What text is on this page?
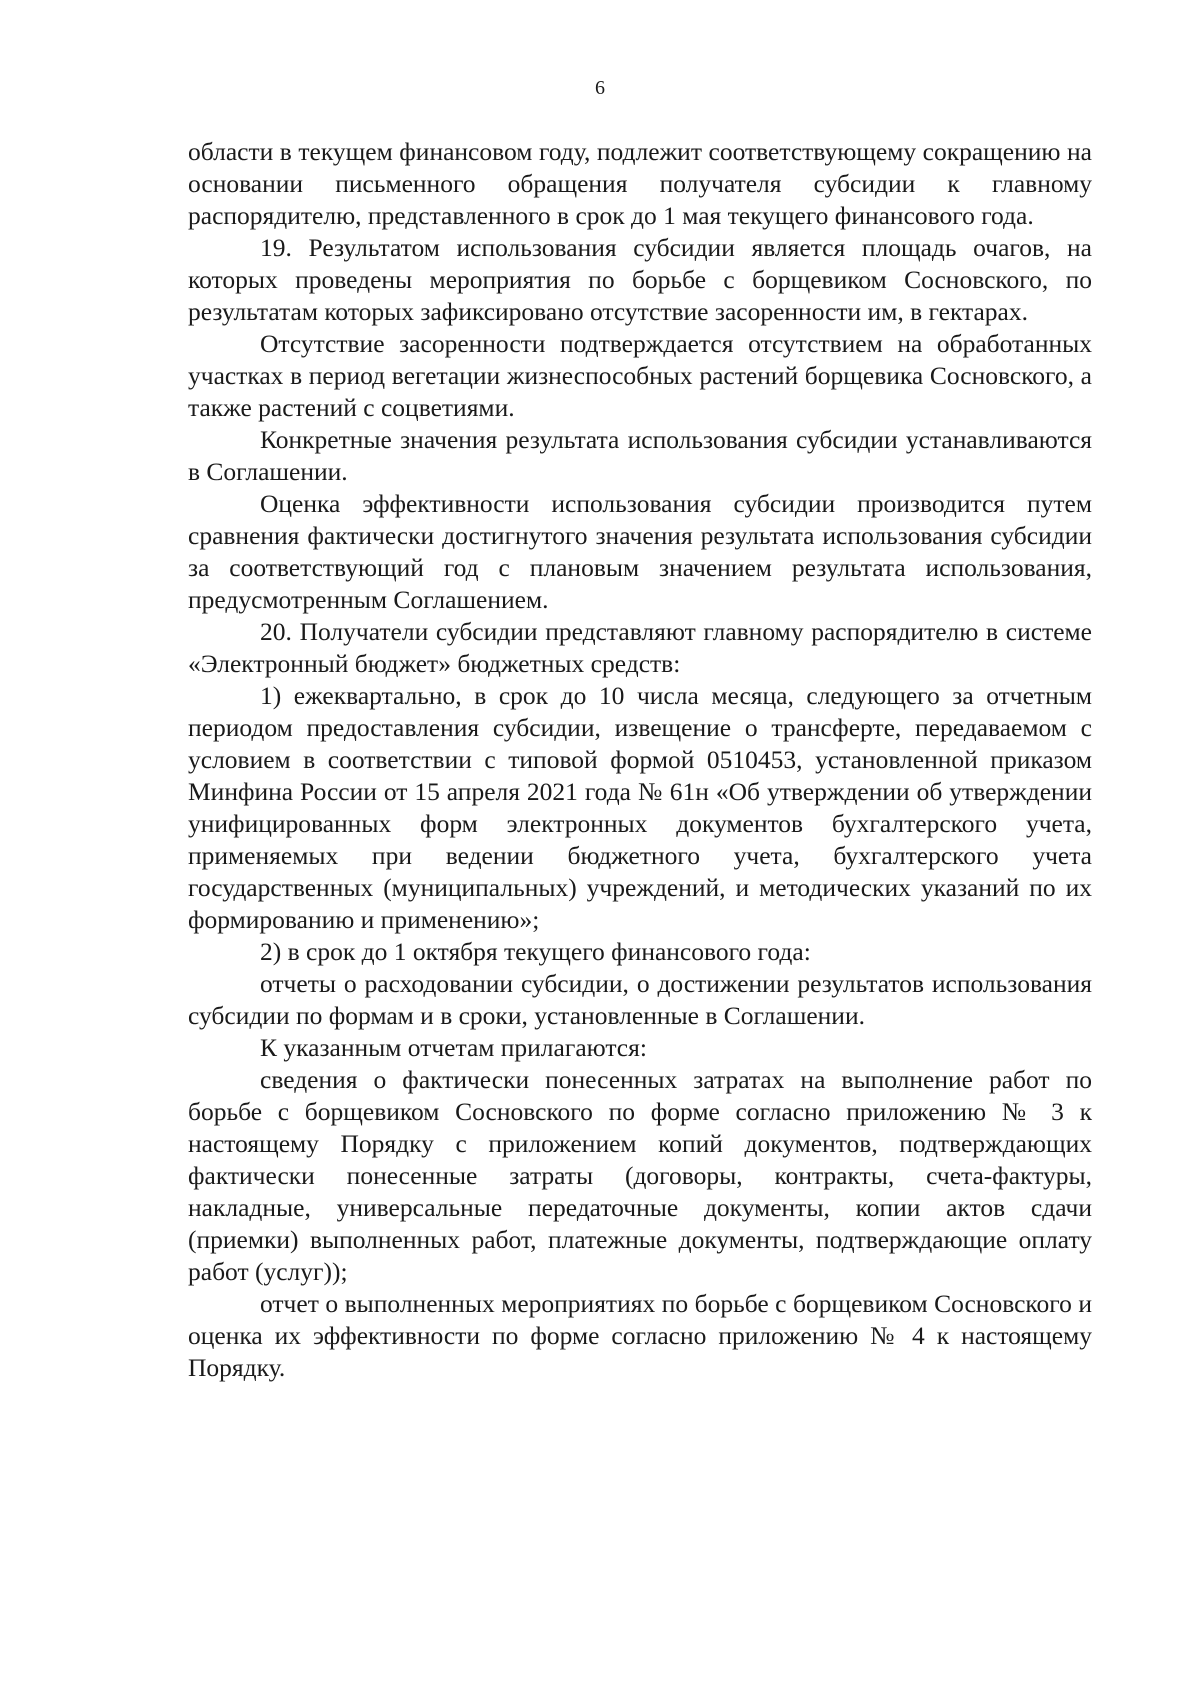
6

области в текущем финансовом году, подлежит соответствующему сокращению на основании письменного обращения получателя субсидии к главному распорядителю, представленного в срок до 1 мая текущего финансового года.

19. Результатом использования субсидии является площадь очагов, на которых проведены мероприятия по борьбе с борщевиком Сосновского, по результатам которых зафиксировано отсутствие засоренности им, в гектарах.

Отсутствие засоренности подтверждается отсутствием на обработанных участках в период вегетации жизнеспособных растений борщевика Сосновского, а также растений с соцветиями.

Конкретные значения результата использования субсидии устанавливаются в Соглашении.

Оценка эффективности использования субсидии производится путем сравнения фактически достигнутого значения результата использования субсидии за соответствующий год с плановым значением результата использования, предусмотренным Соглашением.

20. Получатели субсидии представляют главному распорядителю в системе «Электронный бюджет» бюджетных средств:

1) ежеквартально, в срок до 10 числа месяца, следующего за отчетным периодом предоставления субсидии, извещение о трансферте, передаваемом с условием в соответствии с типовой формой 0510453, установленной приказом Минфина России от 15 апреля 2021 года № 61н «Об утверждении об утверждении унифицированных форм электронных документов бухгалтерского учета, применяемых при ведении бюджетного учета, бухгалтерского учета государственных (муниципальных) учреждений, и методических указаний по их формированию и применению»;

2) в срок до 1 октября текущего финансового года:

отчеты о расходовании субсидии, о достижении результатов использования субсидии по формам и в сроки, установленные в Соглашении.

К указанным отчетам прилагаются:

сведения о фактически понесенных затратах на выполнение работ по борьбе с борщевиком Сосновского по форме согласно приложению № 3 к настоящему Порядку с приложением копий документов, подтверждающих фактически понесенные затраты (договоры, контракты, счета-фактуры, накладные, универсальные передаточные документы, копии актов сдачи (приемки) выполненных работ, платежные документы, подтверждающие оплату работ (услуг));

отчет о выполненных мероприятиях по борьбе с борщевиком Сосновского и оценка их эффективности по форме согласно приложению № 4 к настоящему Порядку.
